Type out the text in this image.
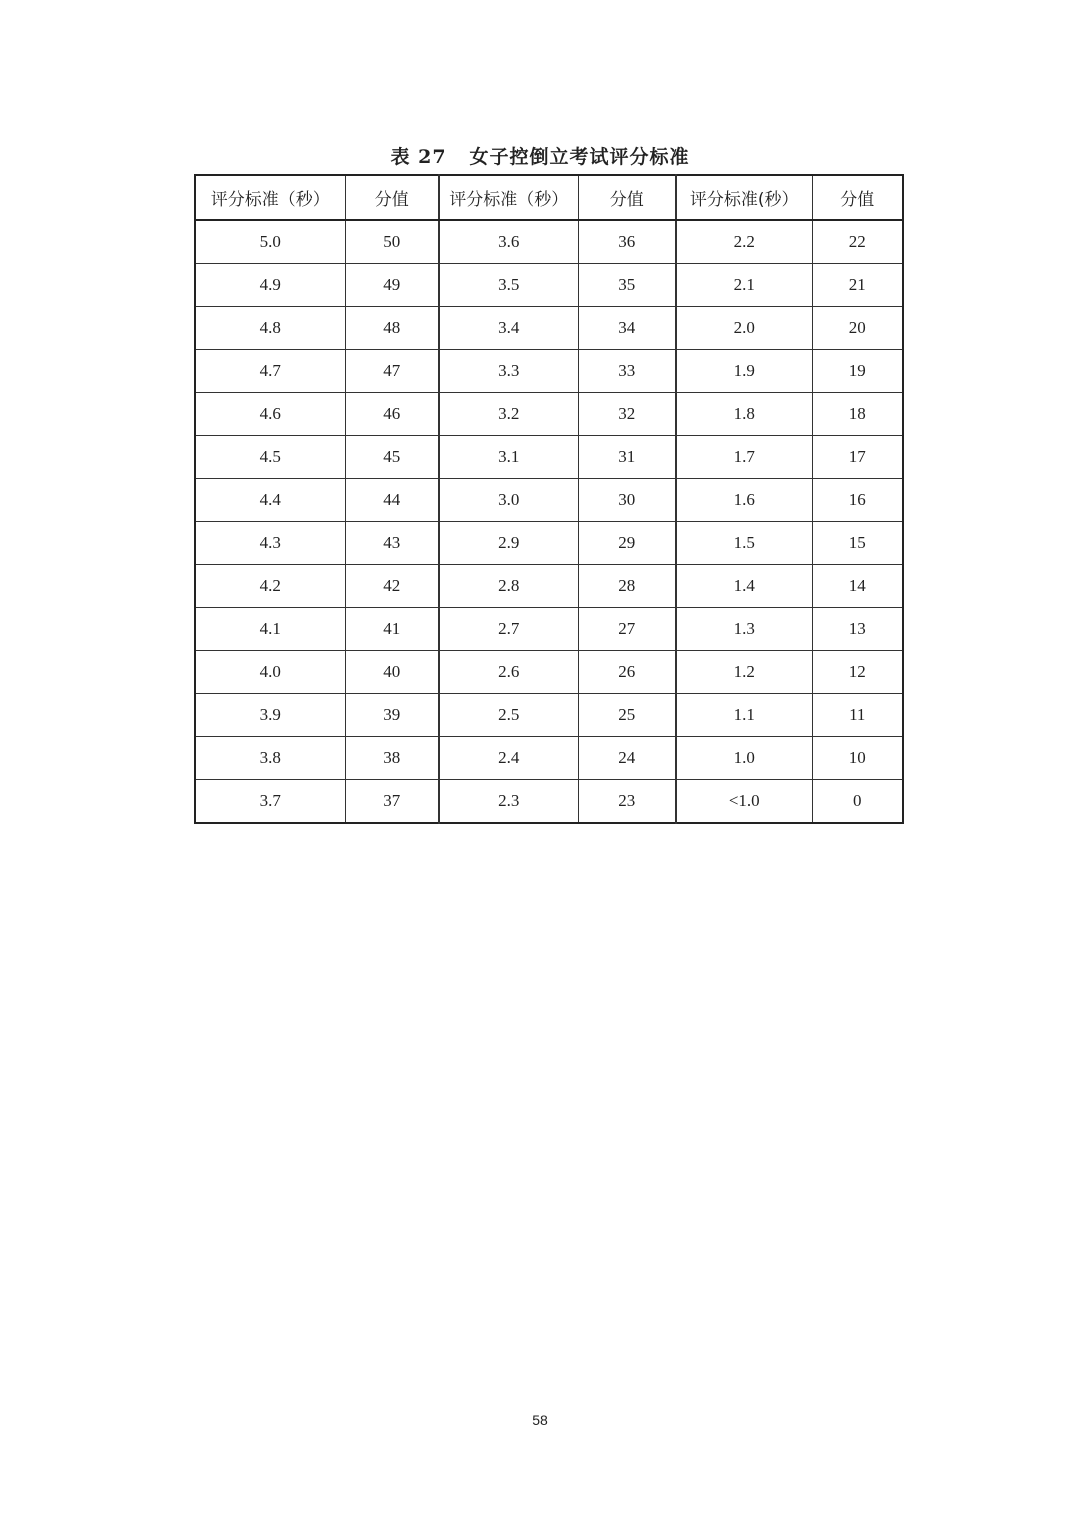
表 27   女子控倒立考试评分标准
评分标准（秒）	分值	评分标准（秒）	分值	评分标准(秒）	分值
5.0	50	3.6	36	2.2	22
4.9	49	3.5	35	2.1	21
4.8	48	3.4	34	2.0	20
4.7	47	3.3	33	1.9	19
4.6	46	3.2	32	1.8	18
4.5	45	3.1	31	1.7	17
4.4	44	3.0	30	1.6	16
4.3	43	2.9	29	1.5	15
4.2	42	2.8	28	1.4	14
4.1	41	2.7	27	1.3	13
4.0	40	2.6	26	1.2	12
3.9	39	2.5	25	1.1	11
3.8	38	2.4	24	1.0	10
3.7	37	2.3	23	<1.0	0
58
